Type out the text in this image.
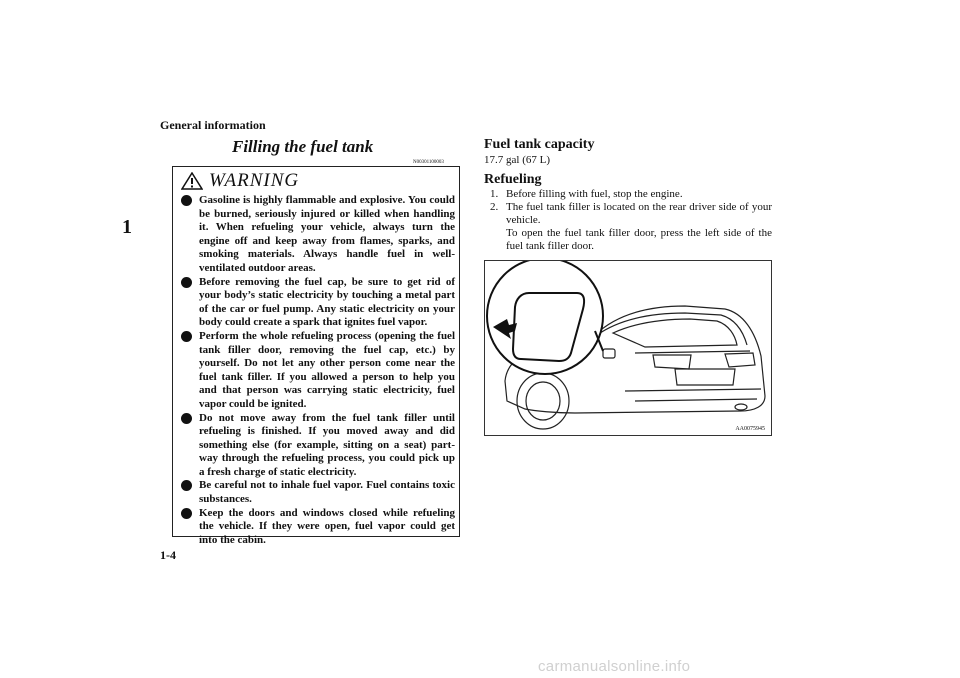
General information
1
1-4
Filling the fuel tank
N00301100003
WARNING
Gasoline is highly flammable and explosive. You could be burned, seriously injured or killed when handling it. When refueling your vehicle, always turn the engine off and keep away from flames, sparks, and smoking materials. Always handle fuel in well-ventilated outdoor areas.
Before removing the fuel cap, be sure to get rid of your body’s static electricity by touching a metal part of the car or fuel pump. Any static electricity on your body could create a spark that ignites fuel vapor.
Perform the whole refueling process (opening the fuel tank filler door, removing the fuel cap, etc.) by yourself. Do not let any other person come near the fuel tank filler. If you allowed a person to help you and that person was carrying static electricity, fuel vapor could be ignited.
Do not move away from the fuel tank filler until refueling is finished. If you moved away and did something else (for example, sitting on a seat) part-way through the refueling process, you could pick up a fresh charge of static electricity.
Be careful not to inhale fuel vapor. Fuel contains toxic substances.
Keep the doors and windows closed while refueling the vehicle. If they were open, fuel vapor could get into the cabin.
Fuel tank capacity
17.7 gal (67 L)
Refueling
1. Before filling with fuel, stop the engine.
2. The fuel tank filler is located on the rear driver side of your vehicle.
To open the fuel tank filler door, press the left side of the fuel tank filler door.
AA0075945
carmanualsonline.info
